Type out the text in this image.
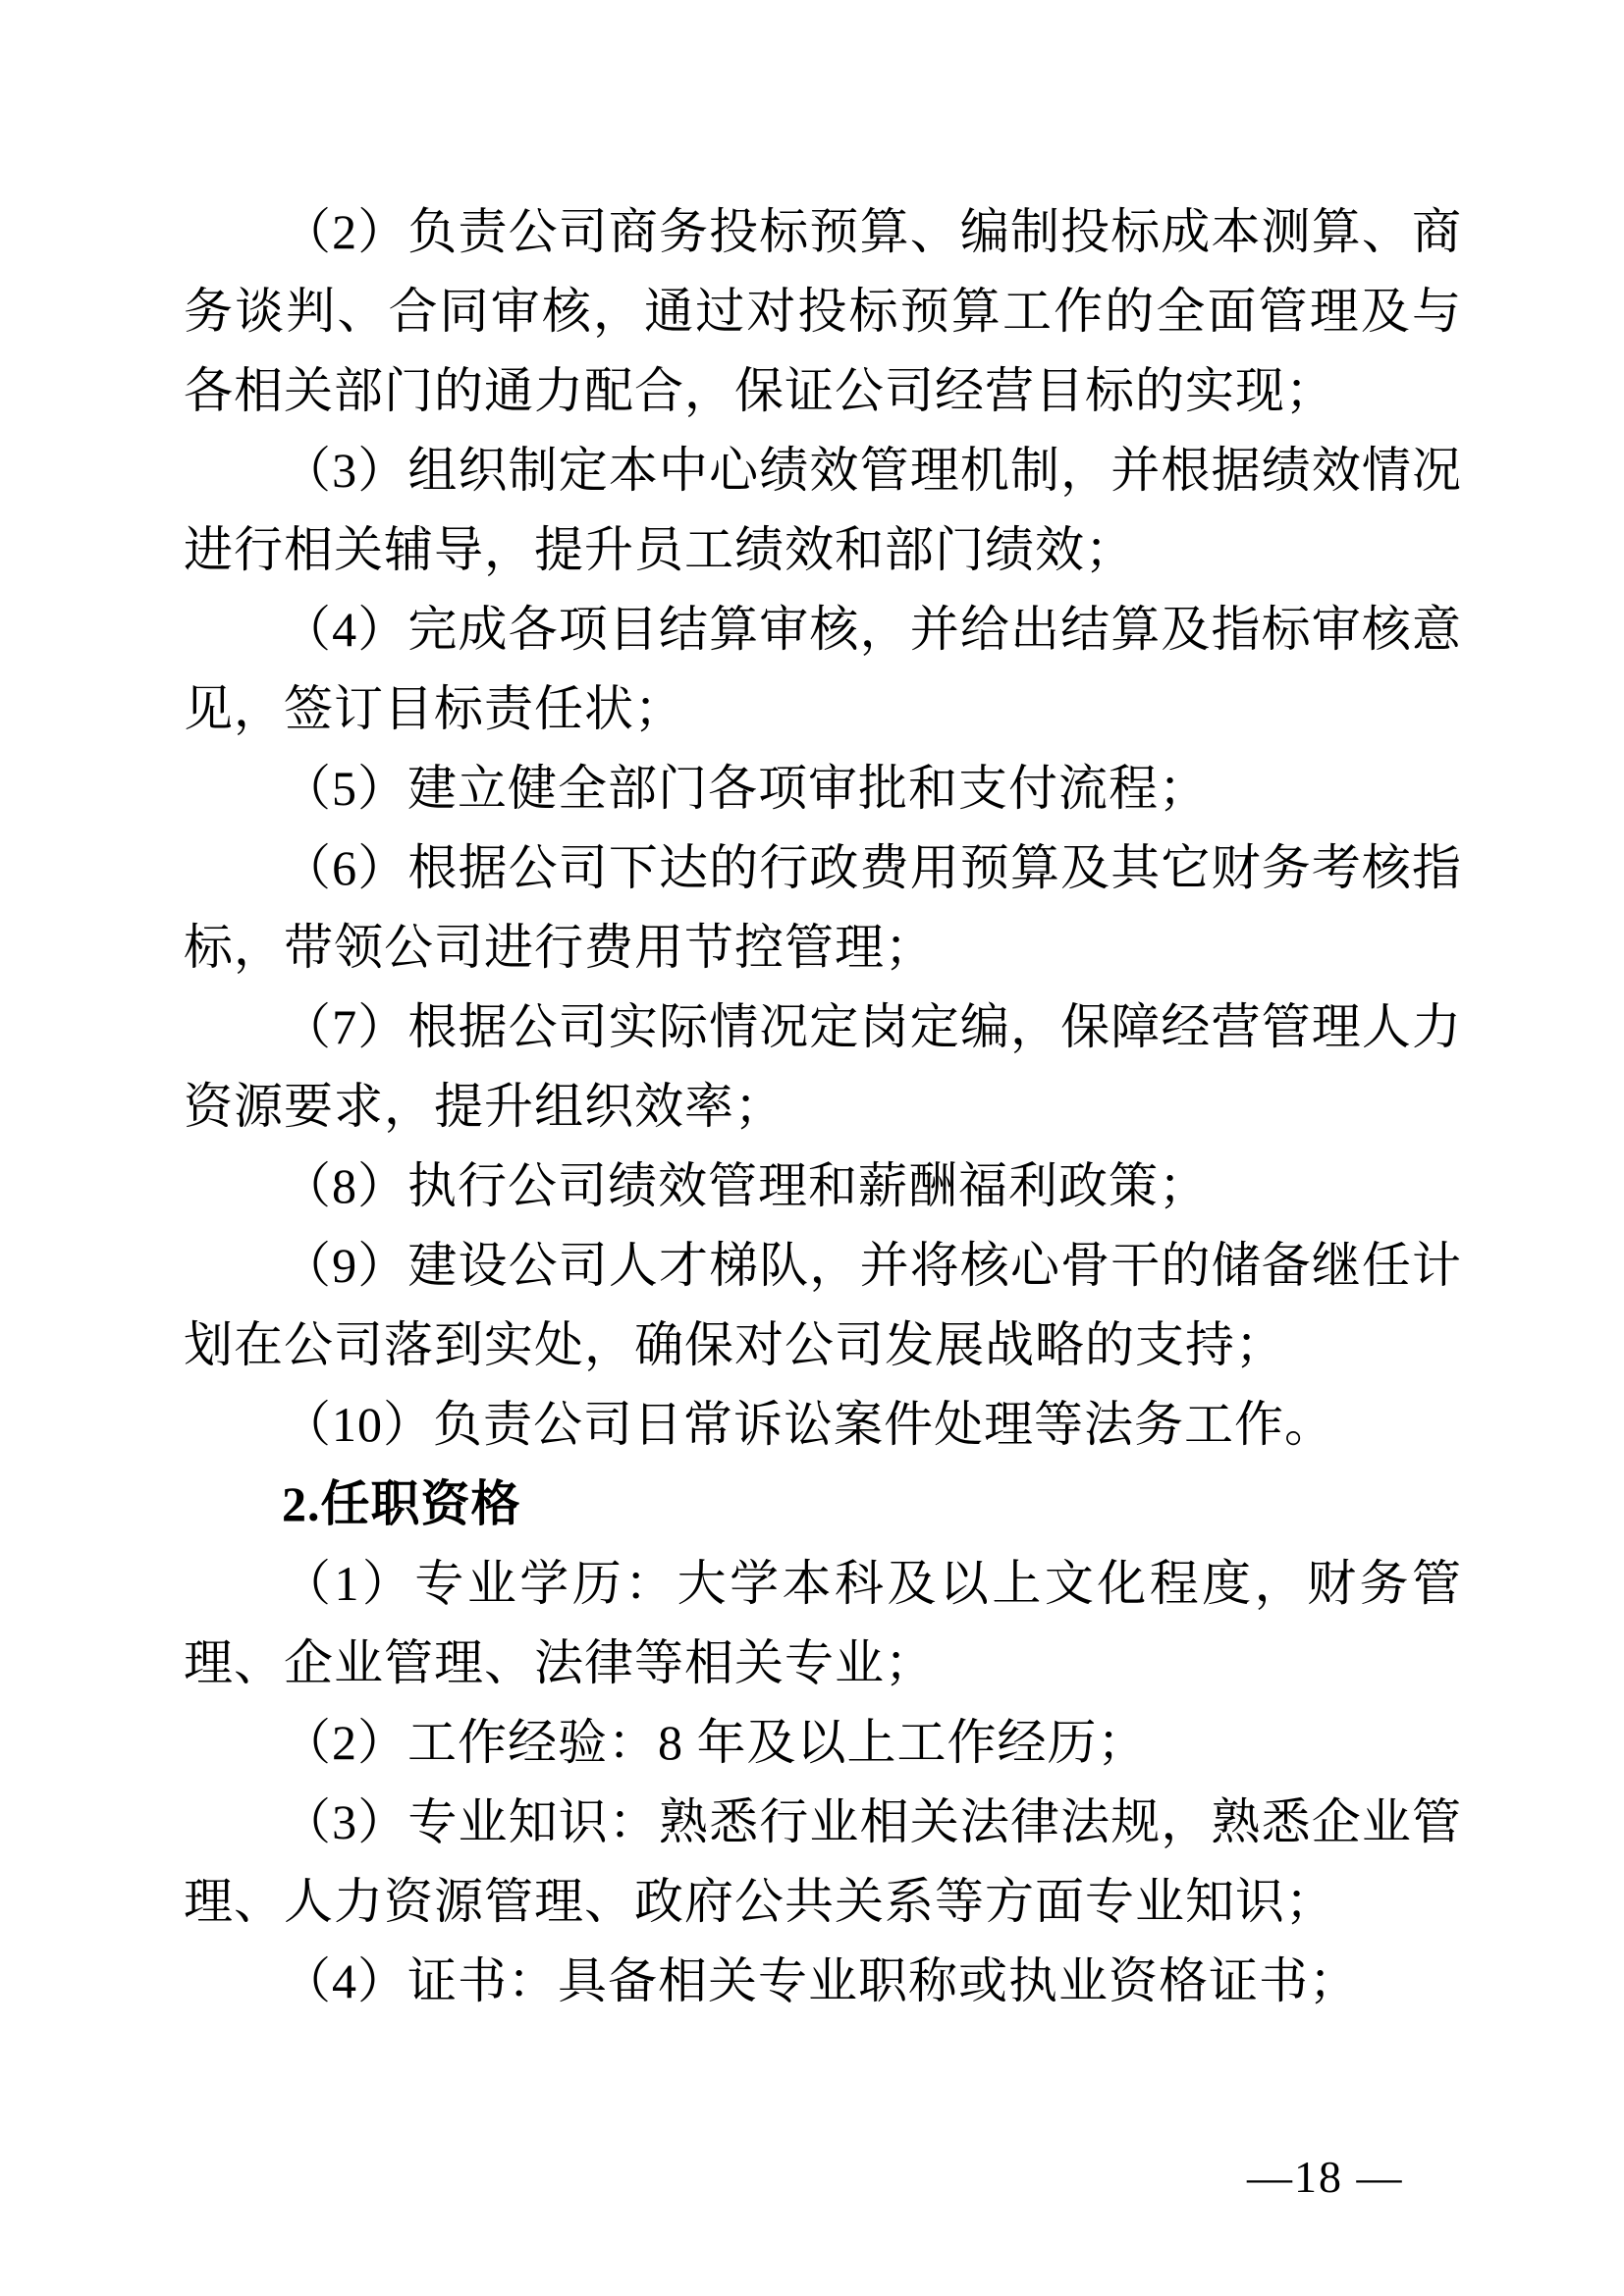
（2）负责公司商务投标预算、编制投标成本测算、商务谈判、合同审核，通过对投标预算工作的全面管理及与各相关部门的通力配合，保证公司经营目标的实现；

（3）组织制定本中心绩效管理机制，并根据绩效情况进行相关辅导，提升员工绩效和部门绩效；

（4）完成各项目结算审核，并给出结算及指标审核意见，签订目标责任状；

（5）建立健全部门各项审批和支付流程；

（6）根据公司下达的行政费用预算及其它财务考核指标，带领公司进行费用节控管理；

（7）根据公司实际情况定岗定编，保障经营管理人力资源要求，提升组织效率；

（8）执行公司绩效管理和薪酬福利政策；

（9）建设公司人才梯队，并将核心骨干的储备继任计划在公司落到实处，确保对公司发展战略的支持；

（10）负责公司日常诉讼案件处理等法务工作。

2.任职资格

（1）专业学历：大学本科及以上文化程度，财务管理、企业管理、法律等相关专业；

（2）工作经验：8 年及以上工作经历；

（3）专业知识：熟悉行业相关法律法规，熟悉企业管理、人力资源管理、政府公共关系等方面专业知识；

（4）证书：具备相关专业职称或执业资格证书；

—18 —
